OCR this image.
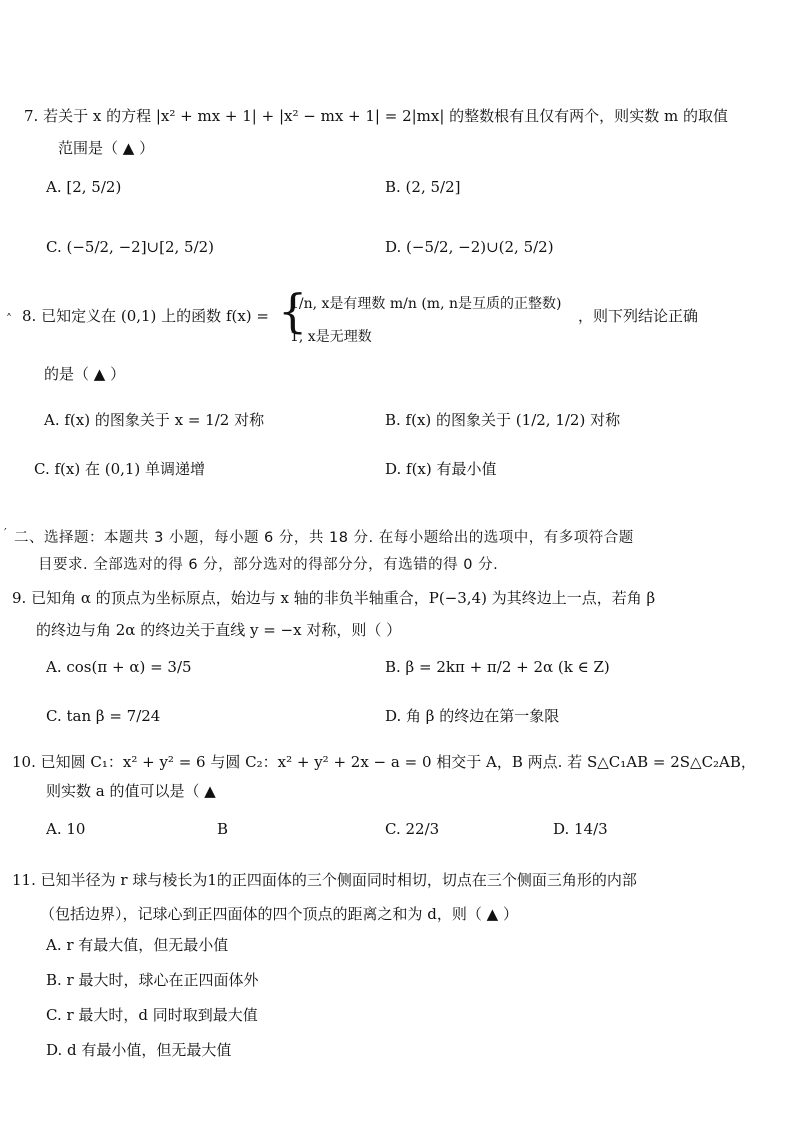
7. 若关于 x 的方程 |x² + mx + 1| + |x² − mx + 1| = 2|mx| 的整数根有且仅有两个，则实数 m 的取值
范围是（ ▲ ）
A. [2, 5/2)	B. (2, 5/2]
C. (−5/2, −2]∪[2, 5/2)	D. (−5/2, −2)∪(2, 5/2)
˄ 8. 已知定义在 (0,1) 上的函数 f(x) = {
1/n, x是有理数 m/n (m, n是互质的正整数)
1, x是无理数
，则下列结论正确
的是（ ▲ ）
A. f(x) 的图象关于 x = 1/2 对称	B. f(x) 的图象关于 (1/2, 1/2) 对称
C. f(x) 在 (0,1) 单调递增	D. f(x) 有最小值
′ 二、选择题：本题共 3 小题，每小题 6 分，共 18 分. 在每小题给出的选项中，有多项符合题
目要求. 全部选对的得 6 分，部分选对的得部分分，有选错的得 0 分.
9. 已知角 α 的顶点为坐标原点，始边与 x 轴的非负半轴重合，P(−3,4) 为其终边上一点，若角 β
的终边与角 2α 的终边关于直线 y = −x 对称，则（ ）
A. cos(π + α) = 3/5	B. β = 2kπ + π/2 + 2α (k ∈ Z)
C. tan β = 7/24	D. 角 β 的终边在第一象限
10. 已知圆 C₁：x² + y² = 6 与圆 C₂：x² + y² + 2x − a = 0 相交于 A，B 两点. 若 S△C₁AB = 2S△C₂AB，
则实数 a 的值可以是（ ▲
A. 10	B	C. 22/3	D. 14/3
11. 已知半径为 r 球与棱长为1的正四面体的三个侧面同时相切，切点在三个侧面三角形的内部
（包括边界），记球心到正四面体的四个顶点的距离之和为 d，则（ ▲ ）
A. r 有最大值，但无最小值
B. r 最大时，球心在正四面体外
C. r 最大时，d 同时取到最大值
D. d 有最小值，但无最大值
